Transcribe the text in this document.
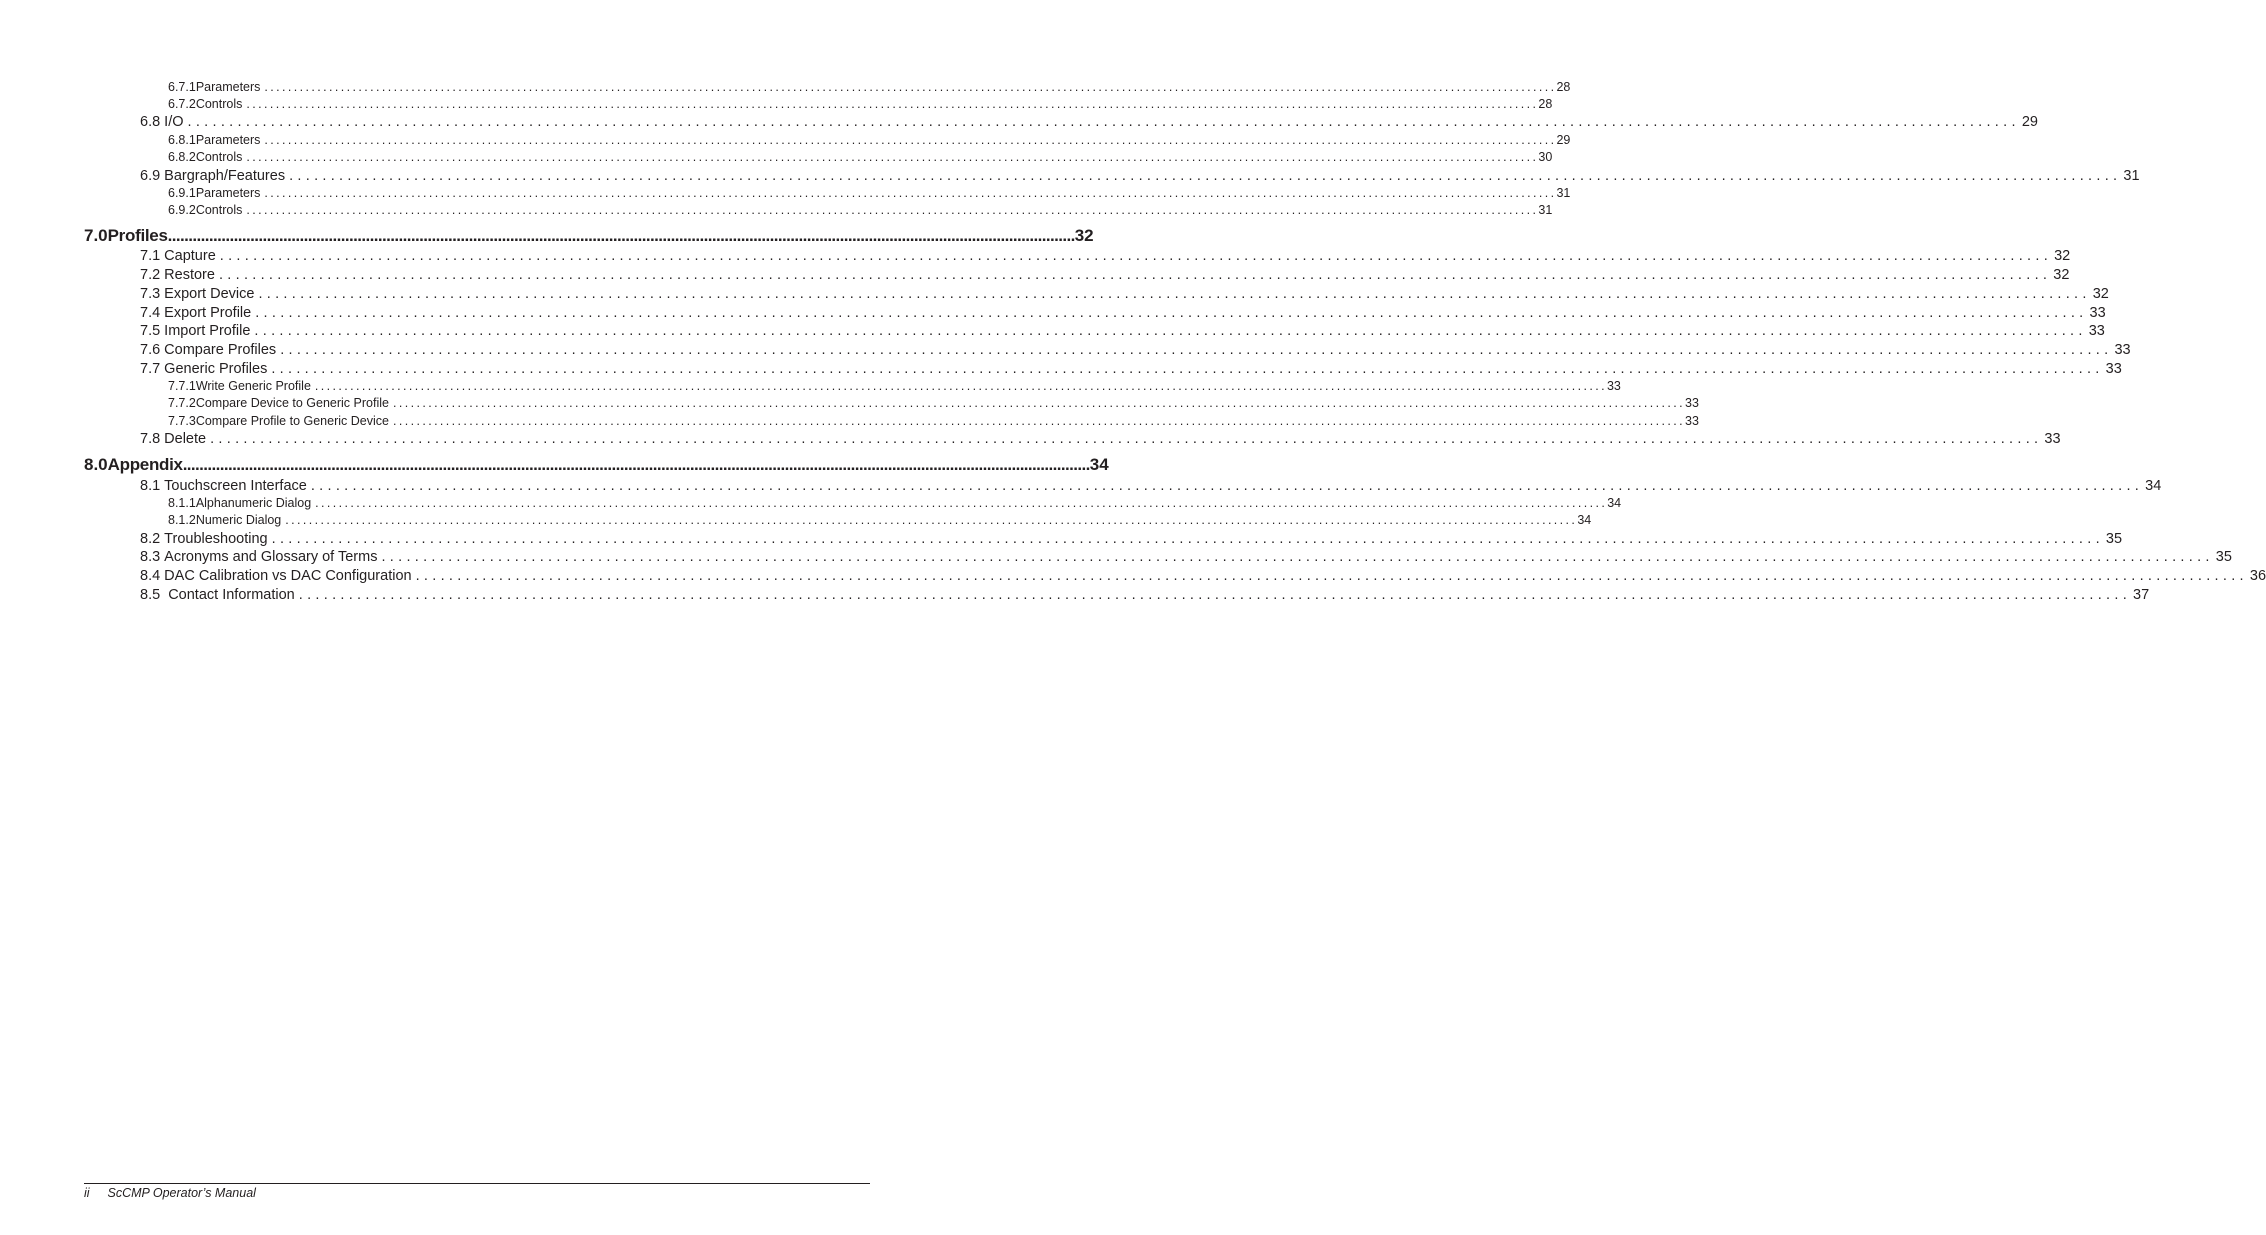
6.7.1 Parameters ............................................................................................................................................................................................................................ 28
6.7.2 Controls ............................................................................................................................................................................................................................ 28
6.8 I/O ............................................................................................................................................................................................................................ 29
6.8.1 Parameters ............................................................................................................................................................................................................................ 29
6.8.2 Controls ............................................................................................................................................................................................................................ 30
6.9 Bargraph/Features ............................................................................................................................................................................................................................ 31
6.9.1 Parameters ............................................................................................................................................................................................................................ 31
6.9.2 Controls ............................................................................................................................................................................................................................ 31
7.0 Profiles ............................................................................................................................................................................................................................ 32
7.1 Capture ............................................................................................................................................................................................................................ 32
7.2 Restore ............................................................................................................................................................................................................................ 32
7.3 Export Device ............................................................................................................................................................................................................................ 32
7.4 Export Profile ............................................................................................................................................................................................................................ 33
7.5 Import Profile ............................................................................................................................................................................................................................ 33
7.6 Compare Profiles ............................................................................................................................................................................................................................ 33
7.7 Generic Profiles ............................................................................................................................................................................................................................ 33
7.7.1 Write Generic Profile ............................................................................................................................................................................................................................ 33
7.7.2 Compare Device to Generic Profile ............................................................................................................................................................................................................................ 33
7.7.3 Compare Profile to Generic Device ............................................................................................................................................................................................................................ 33
7.8 Delete ............................................................................................................................................................................................................................ 33
8.0 Appendix ............................................................................................................................................................................................................................ 34
8.1 Touchscreen Interface ............................................................................................................................................................................................................................ 34
8.1.1 Alphanumeric Dialog ............................................................................................................................................................................................................................ 34
8.1.2 Numeric Dialog ............................................................................................................................................................................................................................ 34
8.2 Troubleshooting ............................................................................................................................................................................................................................ 35
8.3 Acronyms and Glossary of Terms ............................................................................................................................................................................................................................ 35
8.4 DAC Calibration vs DAC Configuration ............................................................................................................................................................................................................................ 36
8.5 Contact Information ............................................................................................................................................................................................................................ 37
ii ScCMP Operator’s Manual
